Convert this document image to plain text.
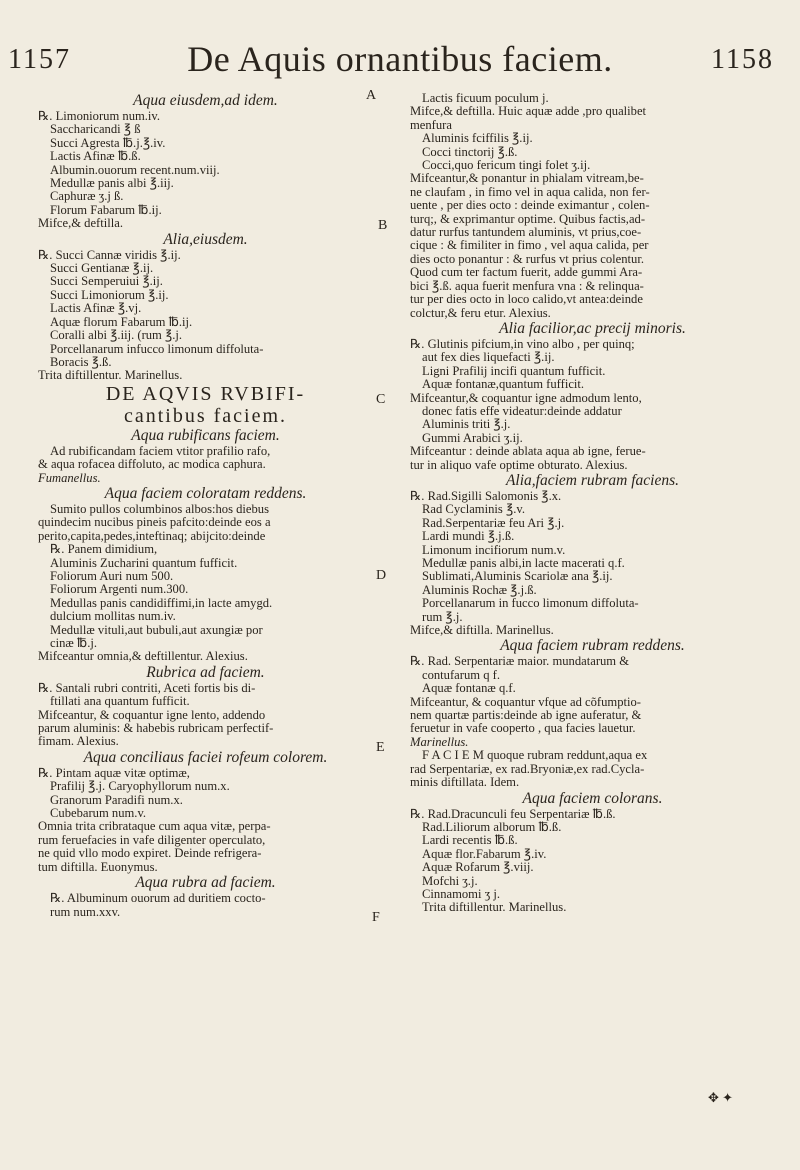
1157	De Aquis ornantibus faciem.	1158
A
B
C
D
E
F
Aqua eiusdem,ad idem.
℞. Limoniorum num.iv.
Saccharicandi ℥ ß
Succi Agresta ℔.j.℥.iv.
Lactis Afinæ ℔.ß.
Albumin.ouorum recent.num.viij.
Medullæ panis albi ℥.iij.
Caphuræ ʒ.j ß.
Florum Fabarum ℔.ij.
Mifce,& deftilla.
Alia,eiusdem.
℞. Succi Cannæ viridis ℥.ij.
Succi Gentianæ ℥.ij.
Succi Semperuiui ℥.ij.
Succi Limoniorum ℥.ij.
Lactis Afinæ ℥.vj.
Aquæ florum Fabarum ℔.ij.
Coralli albi ℥.iij. (rum ℥.j.
Porcellanarum infucco limonum diffoluta-
Boracis ℥.ß.
Trita diftillentur. Marinellus.
DE AQVIS RVBIFI-
cantibus faciem.
Aqua rubificans faciem.
Ad rubificandam faciem vtitor prafilio rafo,
& aqua rofacea diffoluto, ac modica caphura.
Fumanellus.
Aqua faciem coloratam reddens.
Sumito pullos columbinos albos:hos diebus
quindecim nucibus pineis pafcito:deinde eos a
perito,capita,pedes,inteftinaq; abijcito:deinde
℞. Panem dimidium,
Aluminis Zucharini quantum fufficit.
Foliorum Auri num 500.
Foliorum Argenti num.300.
Medullas panis candidiffimi,in lacte amygd.
dulcium mollitas num.iv.
Medullæ vituli,aut bubuli,aut axungiæ por
cinæ ℔.j.
Mifceantur omnia,& deftillentur. Alexius.
Rubrica ad faciem.
℞. Santali rubri contriti, Aceti fortis bis di-
ftillati ana quantum fufficit.
Mifceantur, & coquantur igne lento, addendo
parum aluminis: & habebis rubricam perfectif-
fimam. Alexius.
Aqua conciliaus faciei rofeum colorem.
℞. Pintam aquæ vitæ optimæ,
Prafilij ℥.j. Caryophyllorum num.x.
Granorum Paradifi num.x.
Cubebarum num.v.
Omnia trita cribrataque cum aqua vitæ, perpa-
rum feruefacies in vafe diligenter operculato,
ne quid vllo modo expiret. Deinde refrigera-
tum diftilla. Euonymus.
Aqua rubra ad faciem.
℞. Albuminum ouorum ad duritiem cocto-
rum num.xxv.
Lactis ficuum poculum j.
Mifce,& deftilla. Huic aquæ adde ,pro qualibet
menfura
Aluminis fciffilis ℥.ij.
Cocci tinctorij ℥.ß.
Cocci,quo fericum tingi folet ʒ.ij.
Mifceantur,& ponantur in phialam vitream,be-
ne claufam , in fimo vel in aqua calida, non fer-
uente , per dies octo : deinde eximantur , colen-
turq;, & exprimantur optime. Quibus factis,ad-
datur rurfus tantundem aluminis, vt prius,coe-
cique : & fimiliter in fimo , vel aqua calida, per
dies octo ponantur : & rurfus vt prius colentur.
Quod cum ter factum fuerit, adde gummi Ara-
bici ℥.ß. aqua fuerit menfura vna : & relinqua-
tur per dies octo in loco calido,vt antea:deinde
colctur,& feru etur. Alexius.
Alia facilior,ac precij minoris.
℞. Glutinis pifcium,in vino albo , per quinq;
aut fex dies liquefacti ℥.ij.
Ligni Prafilij incifi quantum fufficit.
Aquæ fontanæ,quantum fufficit.
Mifceantur,& coquantur igne admodum lento,
donec fatis effe videatur:deinde addatur
Aluminis triti ℥.j.
Gummi Arabici ʒ.ij.
Mifceantur : deinde ablata aqua ab igne, ferue-
tur in aliquo vafe optime obturato. Alexius.
Alia,faciem rubram faciens.
℞. Rad.Sigilli Salomonis ℥.x.
Rad Cyclaminis ℥.v.
Rad.Serpentariæ feu Ari ℥.j.
Lardi mundi ℥.j.ß.
Limonum incifiorum num.v.
Medullæ panis albi,in lacte macerati q.f.
Sublimati,Aluminis Scariolæ ana ℥.ij.
Aluminis Rochæ ℥.j.ß.
Porcellanarum in fucco limonum diffoluta-
rum ℥.j.
Mifce,& diftilla. Marinellus.
Aqua faciem rubram reddens.
℞. Rad. Serpentariæ maior. mundatarum &
contufarum q f.
Aquæ fontanæ q.f.
Mifceantur, & coquantur vfque ad cõfumptio-
nem quartæ partis:deinde ab igne auferatur, &
feruetur in vafe cooperto , qua facies lauetur.
Marinellus.
F A C I E M quoque rubram reddunt,aqua ex
rad Serpentariæ, ex rad.Bryoniæ,ex rad.Cycla-
minis diftillata. Idem.
Aqua faciem colorans.
℞. Rad.Dracunculi feu Serpentariæ ℔.ß.
Rad.Liliorum alborum ℔.ß.
Lardi recentis ℔.ß.
Aquæ flor.Fabarum ℥.iv.
Aquæ Rofarum ℥.viij.
Mofchi ʒ.j.
Cinnamomi ʒ j.
Trita diftillentur. Marinellus.
✥ ✦
